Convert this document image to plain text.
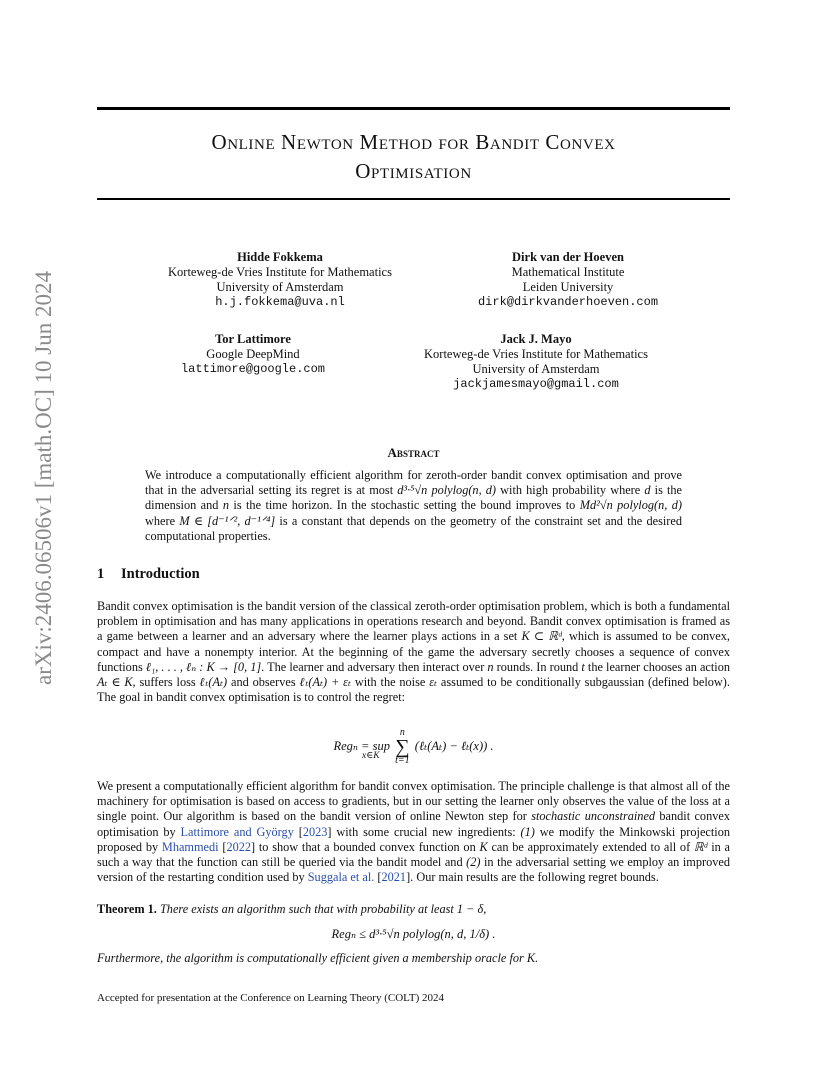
arXiv:2406.06506v1 [math.OC] 10 Jun 2024
Online Newton Method for Bandit Convex
Optimisation
Hidde Fokkema
Korteweg-de Vries Institute for Mathematics
University of Amsterdam
h.j.fokkema@uva.nl
Dirk van der Hoeven
Mathematical Institute
Leiden University
dirk@dirkvanderhoeven.com
Tor Lattimore
Google DeepMind
lattimore@google.com
Jack J. Mayo
Korteweg-de Vries Institute for Mathematics
University of Amsterdam
jackjamesmayo@gmail.com
Abstract
We introduce a computationally efficient algorithm for zeroth-order bandit convex optimisation and prove that in the adversarial setting its regret is at most d³·⁵√n polylog(n, d) with high probability where d is the dimension and n is the time horizon. In the stochastic setting the bound improves to Md²√n polylog(n, d) where M ∈ [d⁻¹ᐟ², d⁻¹ᐟ⁴] is a constant that depends on the geometry of the constraint set and the desired computational properties.
1 Introduction
Bandit convex optimisation is the bandit version of the classical zeroth-order optimisation problem, which is both a fundamental problem in optimisation and has many applications in operations research and beyond. Bandit convex optimisation is framed as a game between a learner and an adversary where the learner plays actions in a set K ⊂ ℝᵈ, which is assumed to be convex, compact and have a nonempty interior. At the beginning of the game the adversary secretly chooses a sequence of convex functions ℓ₁, . . . , ℓₙ : K → [0, 1]. The learner and adversary then interact over n rounds. In round t the learner chooses an action Aₜ ∈ K, suffers loss ℓₜ(Aₜ) and observes ℓₜ(Aₜ) + εₜ with the noise εₜ assumed to be conditionally subgaussian (defined below). The goal in bandit convex optimisation is to control the regret:
Regₙ = sup n
∑
t=1 (ℓₜ(Aₜ) − ℓₜ(x)) .
x∈K
We present a computationally efficient algorithm for bandit convex optimisation. The principle challenge is that almost all of the machinery for optimisation is based on access to gradients, but in our setting the learner only observes the value of the loss at a single point. Our algorithm is based on the bandit version of online Newton step for stochastic unconstrained bandit convex optimisation by Lattimore and György [2023] with some crucial new ingredients: (1) we modify the Minkowski projection proposed by Mhammedi [2022] to show that a bounded convex function on K can be approximately extended to all of ℝᵈ in a such a way that the function can still be queried via the bandit model and (2) in the adversarial setting we employ an improved version of the restarting condition used by Suggala et al. [2021]. Our main results are the following regret bounds.
Theorem 1. There exists an algorithm such that with probability at least 1 − δ,
Regₙ ≤ d³·⁵√n polylog(n, d, 1/δ) .
Furthermore, the algorithm is computationally efficient given a membership oracle for K.
Accepted for presentation at the Conference on Learning Theory (COLT) 2024
